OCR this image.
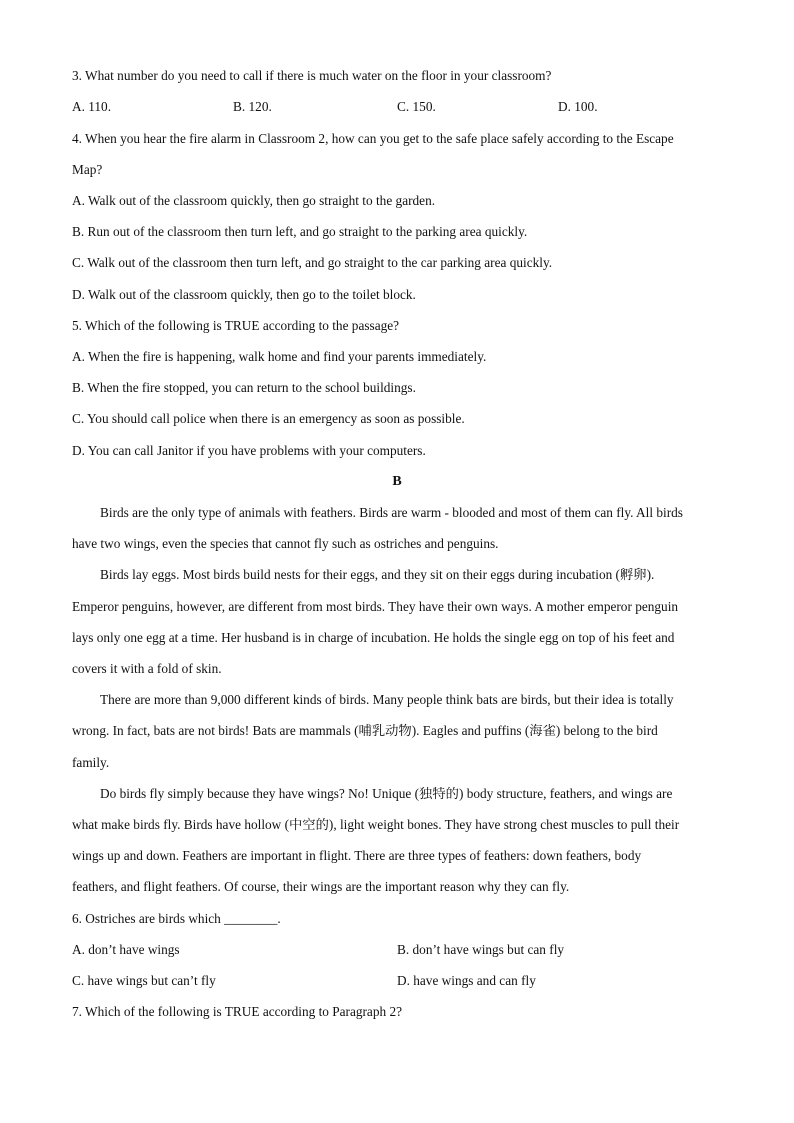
3. What number do you need to call if there is much water on the floor in your classroom?
A. 110.	B. 120.	C. 150.	D. 100.
4. When you hear the fire alarm in Classroom 2, how can you get to the safe place safely according to the Escape
Map?
A. Walk out of the classroom quickly, then go straight to the garden.
B. Run out of the classroom then turn left, and go straight to the parking area quickly.
C. Walk out of the classroom then turn left, and go straight to the car parking area quickly.
D. Walk out of the classroom quickly, then go to the toilet block.
5. Which of the following is TRUE according to the passage?
A. When the fire is happening, walk home and find your parents immediately.
B. When the fire stopped, you can return to the school buildings.
C. You should call police when there is an emergency as soon as possible.
D. You can call Janitor if you have problems with your computers.
B
Birds are the only type of animals with feathers. Birds are warm - blooded and most of them can fly. All birds
have two wings, even the species that cannot fly such as ostriches and penguins.
Birds lay eggs. Most birds build nests for their eggs, and they sit on their eggs during incubation (孵卵).
Emperor penguins, however, are different from most birds. They have their own ways. A mother emperor penguin
lays only one egg at a time. Her husband is in charge of incubation. He holds the single egg on top of his feet and
covers it with a fold of skin.
There are more than 9,000 different kinds of birds. Many people think bats are birds, but their idea is totally
wrong. In fact, bats are not birds! Bats are mammals (哺乳动物). Eagles and puffins (海雀) belong to the bird
family.
Do birds fly simply because they have wings? No! Unique (独特的) body structure, feathers, and wings are
what make birds fly. Birds have hollow (中空的), light weight bones. They have strong chest muscles to pull their
wings up and down. Feathers are important in flight. There are three types of feathers: down feathers, body
feathers, and flight feathers. Of course, their wings are the important reason why they can fly.
6. Ostriches are birds which ________.
A. don’t have wings	B. don’t have wings but can fly
C. have wings but can’t fly	D. have wings and can fly
7. Which of the following is TRUE according to Paragraph 2?
